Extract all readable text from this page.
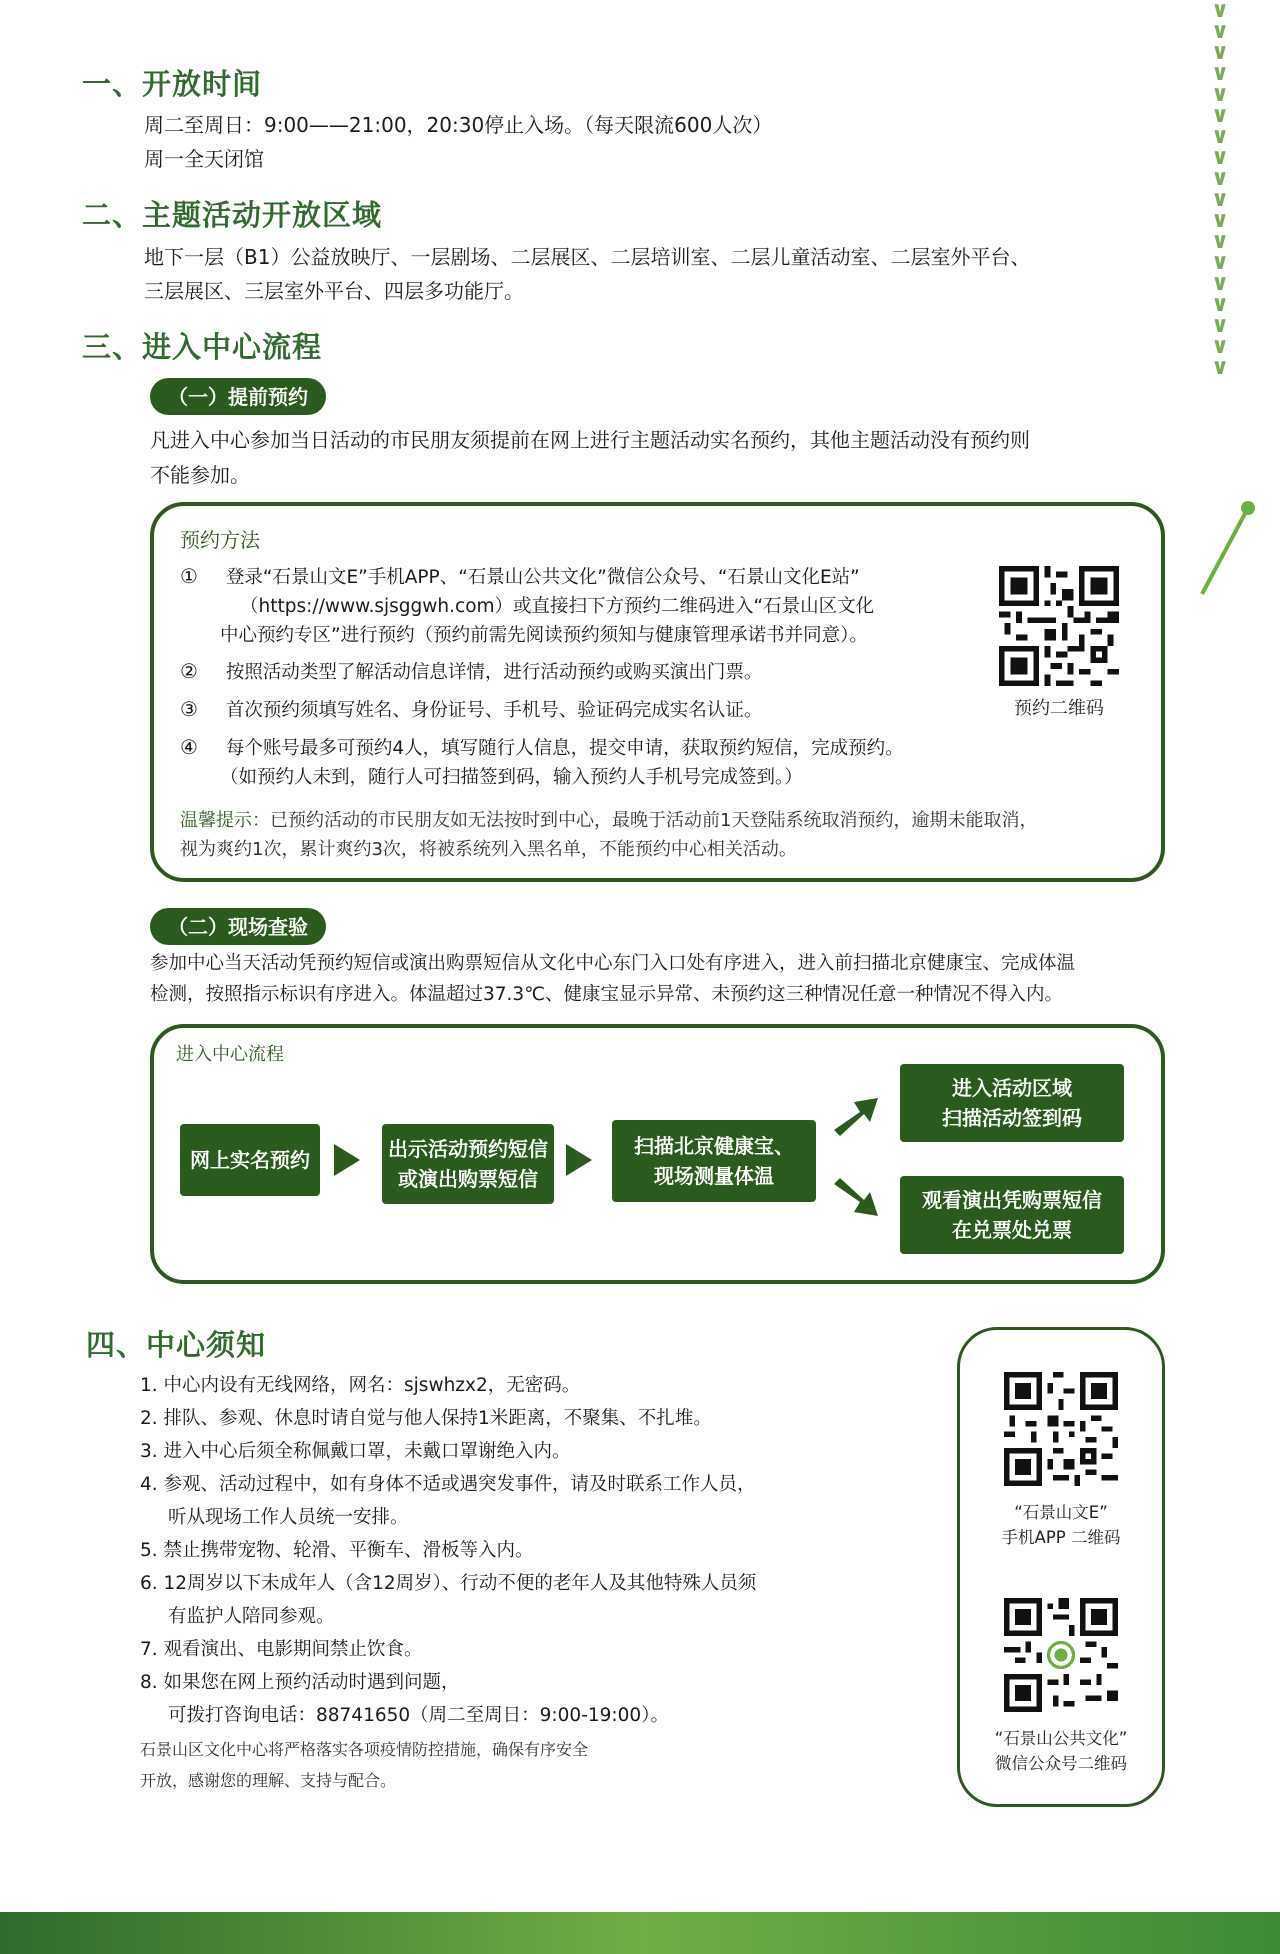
∨
∨
∨
∨
∨
∨
∨
∨
∨
∨
∨
∨
∨
∨
∨
∨
∨
∨
一、开放时间
周二至周日：9:00——21:00，20:30停止入场。（每天限流600人次）
周一全天闭馆
二、主题活动开放区域
地下一层（B1）公益放映厅、一层剧场、二层展区、二层培训室、二层儿童活动室、二层室外平台、
三层展区、三层室外平台、四层多功能厅。
三、进入中心流程
（一）提前预约
凡进入中心参加当日活动的市民朋友须提前在网上进行主题活动实名预约，其他主题活动没有预约则
不能参加。
预约方法
① 登录“石景山文E”手机APP、“石景山公共文化”微信公众号、“石景山文化E站”
（https://www.sjsggwh.com）或直接扫下方预约二维码进入“石景山区文化
中心预约专区”进行预约（预约前需先阅读预约须知与健康管理承诺书并同意）。
② 按照活动类型了解活动信息详情，进行活动预约或购买演出门票。
③ 首次预约须填写姓名、身份证号、手机号、验证码完成实名认证。
④ 每个账号最多可预约4人，填写随行人信息，提交申请，获取预约短信，完成预约。
（如预约人未到，随行人可扫描签到码，输入预约人手机号完成签到。）
预约二维码
温馨提示：已预约活动的市民朋友如无法按时到中心，最晚于活动前1天登陆系统取消预约，逾期未能取消，
视为爽约1次，累计爽约3次，将被系统列入黑名单，不能预约中心相关活动。
（二）现场查验
参加中心当天活动凭预约短信或演出购票短信从文化中心东门入口处有序进入，进入前扫描北京健康宝、完成体温
检测，按照指示标识有序进入。体温超过37.3℃、健康宝显示异常、未预约这三种情况任意一种情况不得入内。
进入中心流程
网上实名预约	出示活动预约短信
或演出购票短信
扫描北京健康宝、
现场测量体温
进入活动区域
扫描活动签到码
观看演出凭购票短信
在兑票处兑票
四、中心须知
1. 中心内设有无线网络，网名：sjswhzx2，无密码。
2. 排队、参观、休息时请自觉与他人保持1米距离，不聚集、不扎堆。
3. 进入中心后须全称佩戴口罩，未戴口罩谢绝入内。
4. 参观、活动过程中，如有身体不适或遇突发事件，请及时联系工作人员，
听从现场工作人员统一安排。
5. 禁止携带宠物、轮滑、平衡车、滑板等入内。
6. 12周岁以下未成年人（含12周岁）、行动不便的老年人及其他特殊人员须
有监护人陪同参观。
7. 观看演出、电影期间禁止饮食。
8. 如果您在网上预约活动时遇到问题，
可拨打咨询电话：88741650（周二至周日：9:00-19:00）。
石景山区文化中心将严格落实各项疫情防控措施，确保有序安全
开放，感谢您的理解、支持与配合。
“石景山文E”
手机APP 二维码
“石景山公共文化”
微信公众号二维码
